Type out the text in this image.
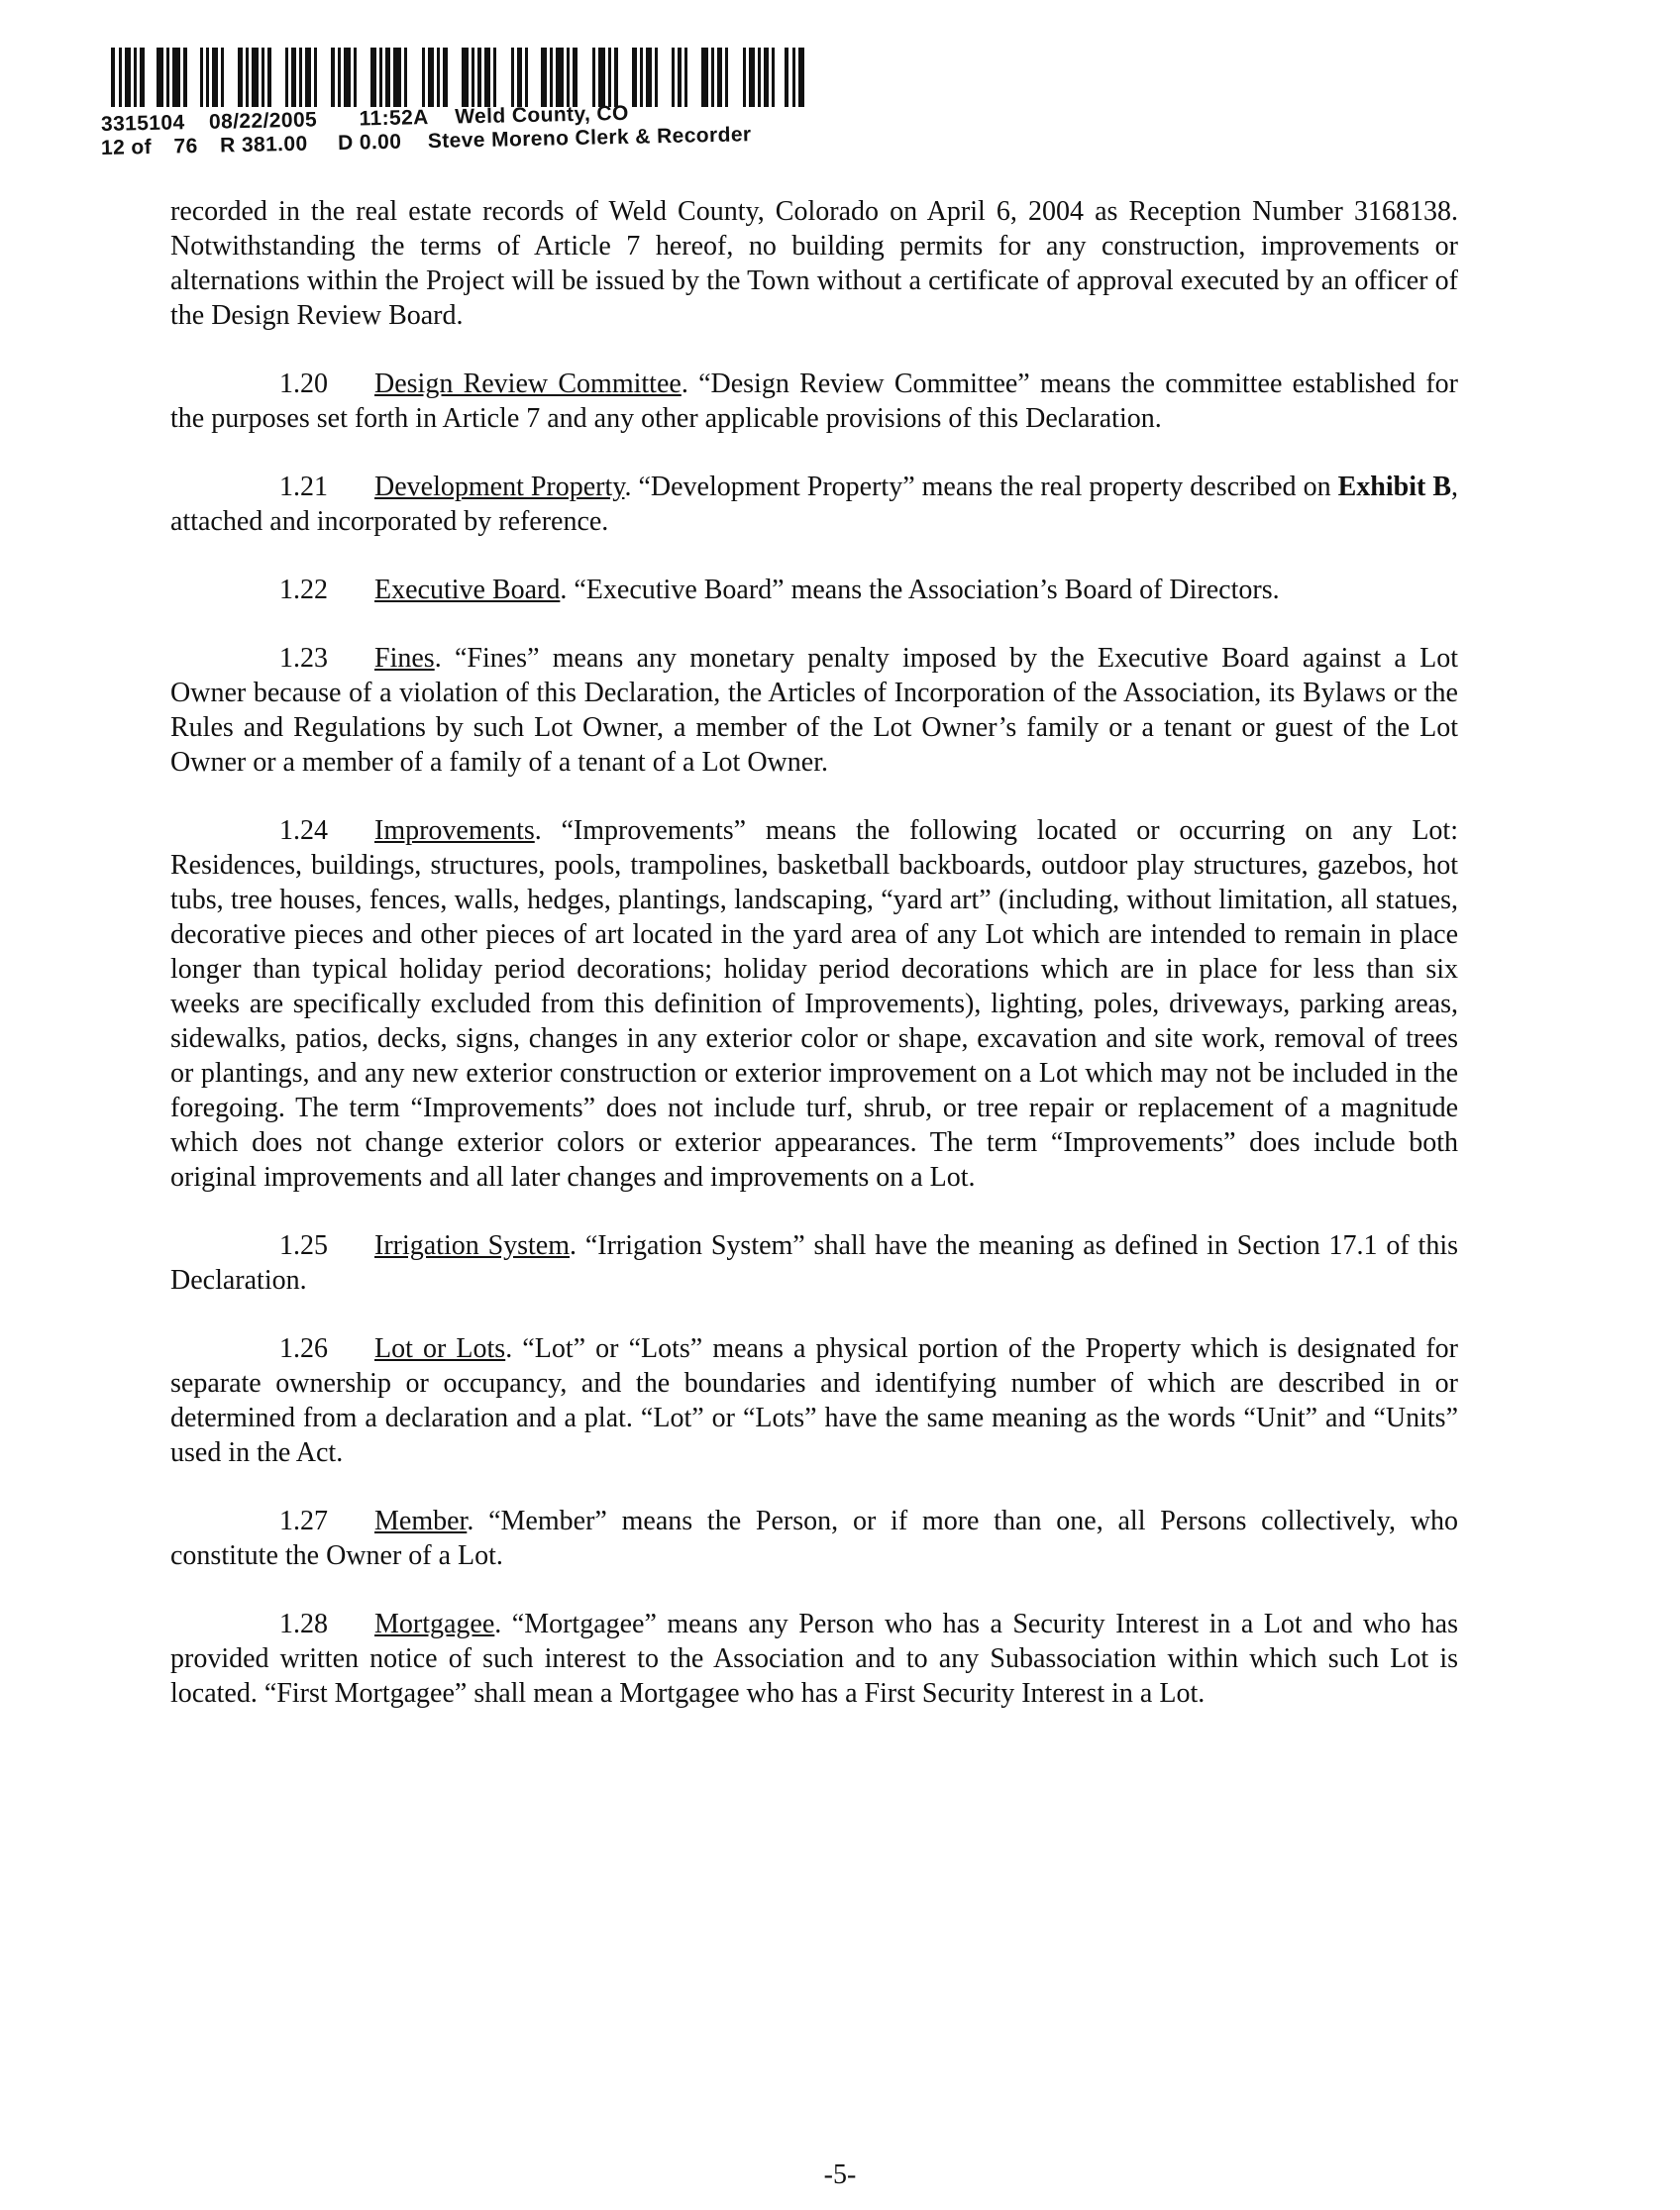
3315104 08/22/2005 11:52A Weld County, CO
12 of 76 R 381.00 D 0.00 Steve Moreno Clerk & Recorder

recorded in the real estate records of Weld County, Colorado on April 6, 2004 as Reception Number 3168138. Notwithstanding the terms of Article 7 hereof, no building permits for any construction, improvements or alternations within the Project will be issued by the Town without a certificate of approval executed by an officer of the Design Review Board.

1.20 Design Review Committee. “Design Review Committee” means the committee established for the purposes set forth in Article 7 and any other applicable provisions of this Declaration.

1.21 Development Property. “Development Property” means the real property described on Exhibit B, attached and incorporated by reference.

1.22 Executive Board. “Executive Board” means the Association’s Board of Directors.

1.23 Fines. “Fines” means any monetary penalty imposed by the Executive Board against a Lot Owner because of a violation of this Declaration, the Articles of Incorporation of the Association, its Bylaws or the Rules and Regulations by such Lot Owner, a member of the Lot Owner’s family or a tenant or guest of the Lot Owner or a member of a family of a tenant of a Lot Owner.

1.24 Improvements. “Improvements” means the following located or occurring on any Lot: Residences, buildings, structures, pools, trampolines, basketball backboards, outdoor play structures, gazebos, hot tubs, tree houses, fences, walls, hedges, plantings, landscaping, “yard art” (including, without limitation, all statues, decorative pieces and other pieces of art located in the yard area of any Lot which are intended to remain in place longer than typical holiday period decorations; holiday period decorations which are in place for less than six weeks are specifically excluded from this definition of Improvements), lighting, poles, driveways, parking areas, sidewalks, patios, decks, signs, changes in any exterior color or shape, excavation and site work, removal of trees or plantings, and any new exterior construction or exterior improvement on a Lot which may not be included in the foregoing. The term “Improvements” does not include turf, shrub, or tree repair or replacement of a magnitude which does not change exterior colors or exterior appearances. The term “Improvements” does include both original improvements and all later changes and improvements on a Lot.

1.25 Irrigation System. “Irrigation System” shall have the meaning as defined in Section 17.1 of this Declaration.

1.26 Lot or Lots. “Lot” or “Lots” means a physical portion of the Property which is designated for separate ownership or occupancy, and the boundaries and identifying number of which are described in or determined from a declaration and a plat. “Lot” or “Lots” have the same meaning as the words “Unit” and “Units” used in the Act.

1.27 Member. “Member” means the Person, or if more than one, all Persons collectively, who constitute the Owner of a Lot.

1.28 Mortgagee. “Mortgagee” means any Person who has a Security Interest in a Lot and who has provided written notice of such interest to the Association and to any Subassociation within which such Lot is located. “First Mortgagee” shall mean a Mortgagee who has a First Security Interest in a Lot.

-5-
